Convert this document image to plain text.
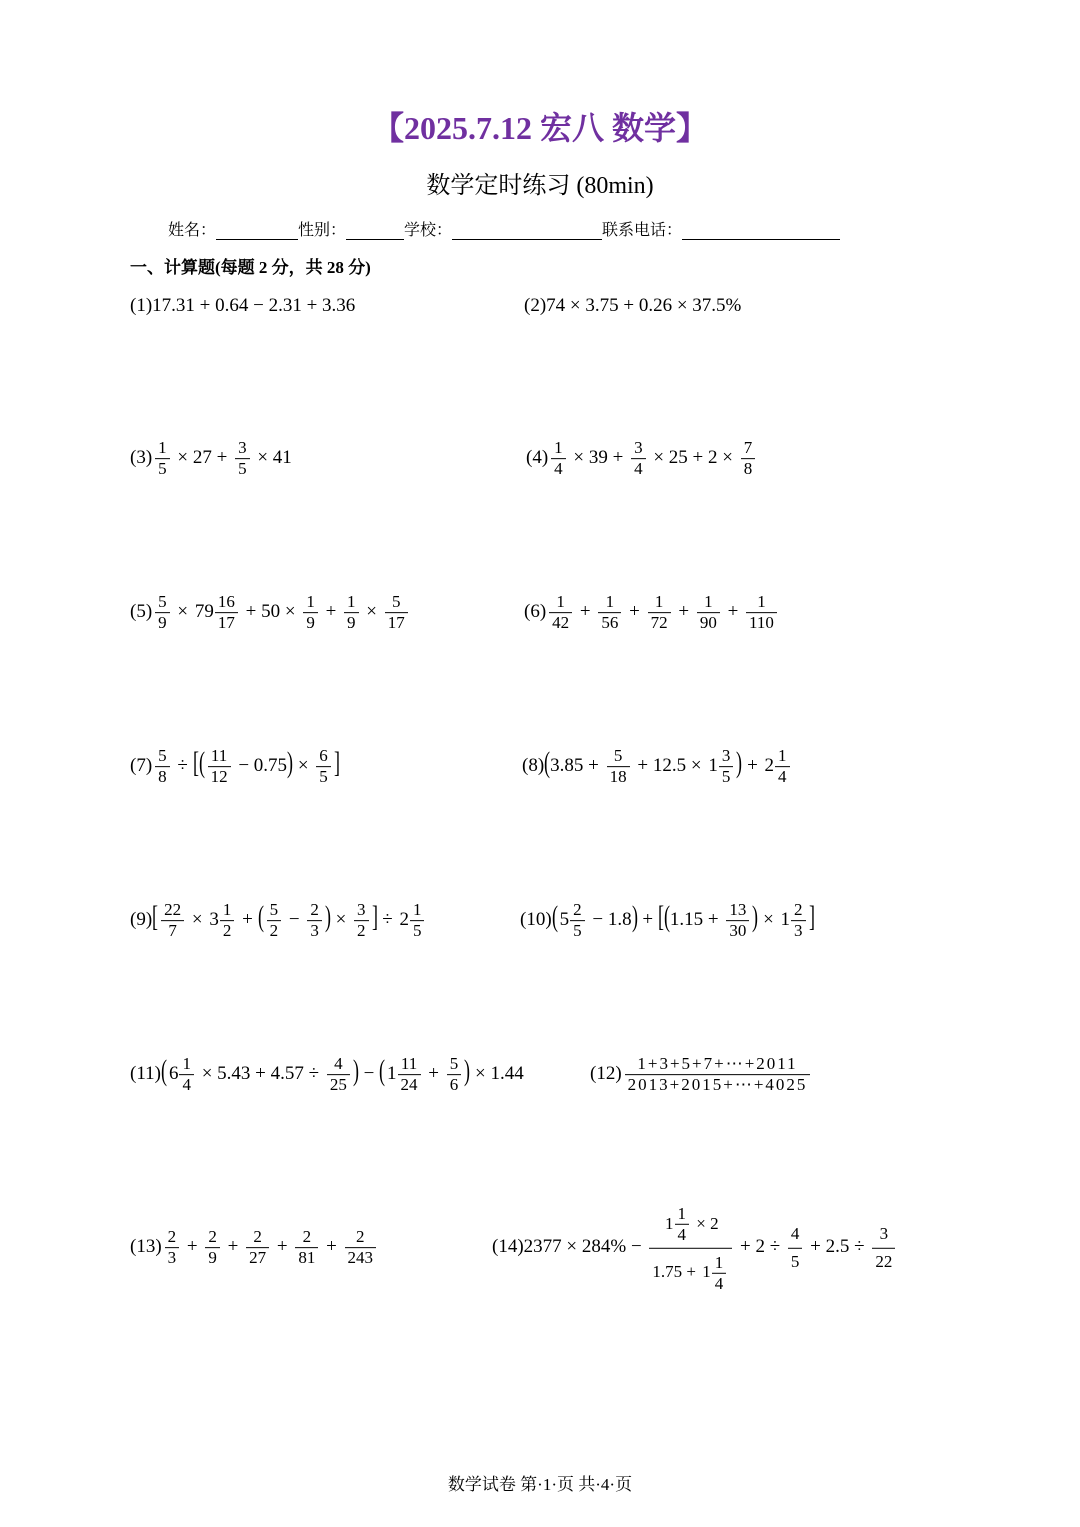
【2025.7.12 宏八 数学】
数学定时练习 (80min)
姓名：	性别：	学校：	联系电话：
一、计算题(每题 2 分，共 28 分)
(1) 17.31 + 0.64 − 2.31 + 3.36	(2) 74 × 3.75 + 0.26 × 37.5%
$(3) \frac{1}{5} \times 27 + \frac{3}{5} \times 41$	$(4) \frac{1}{4} \times 39 + \frac{3}{4} \times 25 + 2 \times \frac{7}{8}$
$(5) \frac{5}{9} \times 79 \frac{16}{17} + 50 \times \frac{1}{9} + \frac{1}{9} \times \frac{5}{17}$	$(6) \frac{1}{42} + \frac{1}{56} + \frac{1}{72} + \frac{1}{90} + \frac{1}{110}$
$(7) \frac{5}{8}$ ÷ [ ( $\frac{11}{12} - 0.75$ ) × $\frac{6}{5}$ ]	(8) ( $3.85 + \frac{5}{18} + 12.5 \times 1 \frac{3}{5}$ ) + $2 \frac{1}{4}$
(9) [ $\frac{22}{7} \times 3 \frac{1}{2}$ + ( $\frac{5}{2} - \frac{2}{3}$ ) × $\frac{3}{2}$ ] ÷ $2 \frac{1}{5}$	(10) ( $5 \frac{2}{5} - 1.8$ ) + [ ( $1.15 + \frac{13}{30}$ ) × $1 \frac{2}{3}$ ]
(11) ( $6 \frac{1}{4} \times 5.43 + 4.57 \div \frac{4}{25}$ ) − ( $1 \frac{11}{24} + \frac{5}{6}$ ) × 1.44	$(12) \frac{1+3+5+7+\cdots+2011}{2013+2015+\cdots+4025}$
$(13) \frac{2}{3} + \frac{2}{9} + \frac{2}{27} + \frac{2}{81} + \frac{2}{243}$	(14) $2377 \times 284\% - \frac{1 \frac{1}{4} \times 2}{1.75 + 1 \frac{1}{4}} + 2 \div \frac{4}{5} + 2.5 \div \frac{3}{22}$
数学试卷 第·1·页 共·4·页
